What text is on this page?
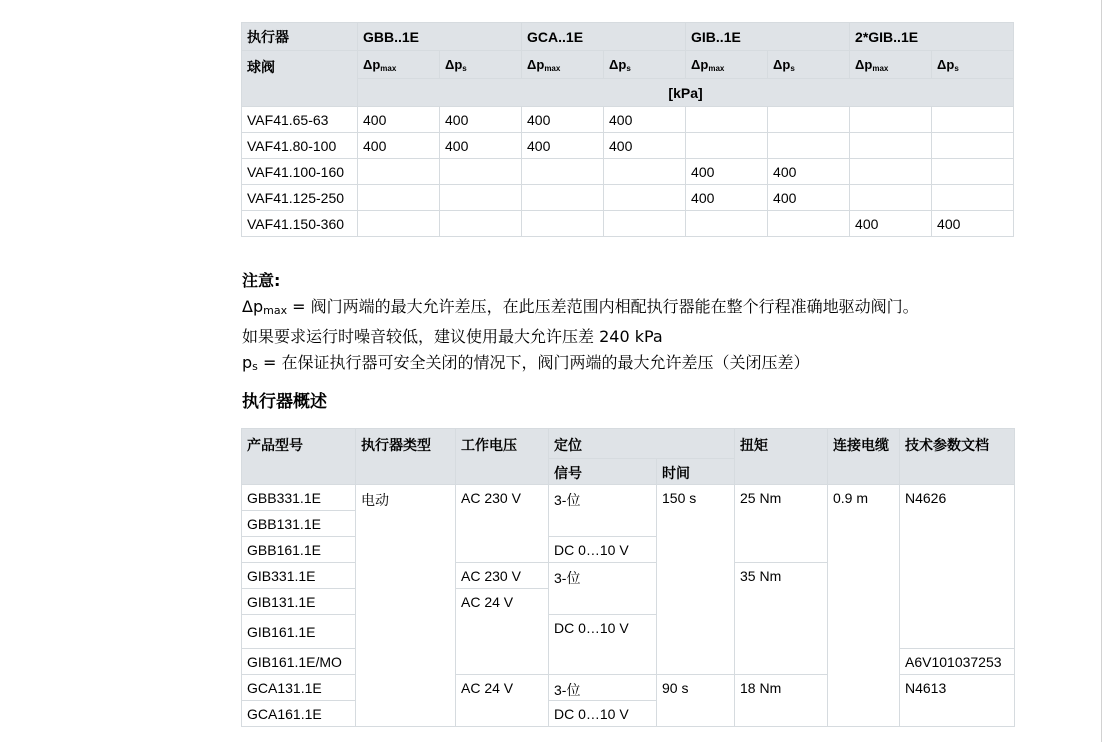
执行器	GBB..1E		GCA..1E		GIB..1E		2*GIB..1E	
球阀	$\Delta p_{max}$	$\Delta p_s$	$\Delta p_{max}$	$\Delta p_s$	$\Delta p_{max}$	$\Delta p_s$	$\Delta p_{max}$	$\Delta p_s$
	[kPa]							
VAF41.65-63	400	400	400	400				
VAF41.80-100	400	400	400	400				
VAF41.100-160					400	400		
VAF41.125-250					400	400		
VAF41.150-360							400	400
注意:
$\Delta p_{max}$ = 阀门两端的最大允许差压，在此压差范围内相配执行器能在整个行程准确地驱动阀门。
如果要求运行时噪音较低，建议使用最大允许压差 240 kPa
$p_s$ = 在保证执行器可安全关闭的情况下，阀门两端的最大允许差压（关闭压差）
执行器概述
产品型号	执行器类型	工作电压	定位		扭矩	连接电缆	技术参数文档
			信号	时间			
GBB331.1E	电动	AC 230 V	3-位	150 s	25 Nm	0.9 m	N4626
GBB131.1E							
GBB161.1E			DC 0…10 V				
GIB331.1E		AC 230 V	3-位		35 Nm		
GIB131.1E		AC 24 V					
GIB161.1E			DC 0…10 V				
GIB161.1E/MO							A6V101037253
GCA131.1E		AC 24 V	3-位	90 s	18 Nm		N4613
GCA161.1E			DC 0…10 V				
